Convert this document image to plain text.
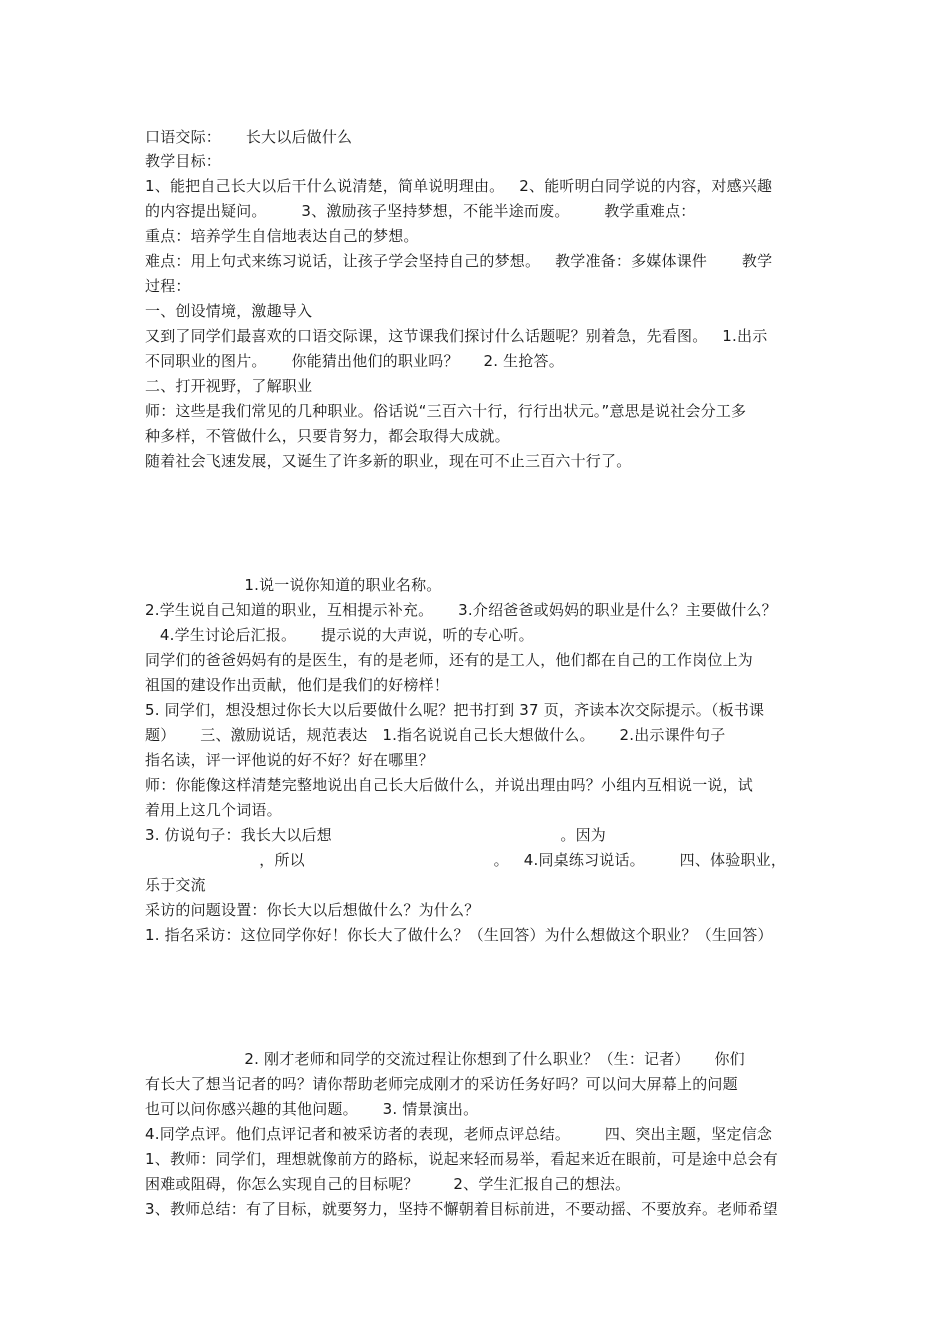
口语交际：     长大以后做什么
教学目标：
1、能把自己长大以后干什么说清楚，简单说明理由。   2、能听明白同学说的内容，对感兴趣
的内容提出疑问。       3、激励孩子坚持梦想，不能半途而废。       教学重难点：
重点：培养学生自信地表达自己的梦想。
难点：用上句式来练习说话，让孩子学会坚持自己的梦想。   教学准备：多媒体课件       教学
过程：
一、创设情境，激趣导入
又到了同学们最喜欢的口语交际课，这节课我们探讨什么话题呢？别着急，先看图。   1.出示
不同职业的图片。     你能猜出他们的职业吗？     2. 生抢答。
二、打开视野，了解职业
师：这些是我们常见的几种职业。俗话说“三百六十行，行行出状元。”意思是说社会分工多
种多样，不管做什么，只要肯努力，都会取得大成就。
随着社会飞速发展，又诞生了许多新的职业，现在可不止三百六十行了。
1.说一说你知道的职业名称。
2.学生说自己知道的职业，互相提示补充。     3.介绍爸爸或妈妈的职业是什么？主要做什么？
4.学生讨论后汇报。     提示说的大声说，听的专心听。
同学们的爸爸妈妈有的是医生，有的是老师，还有的是工人，他们都在自己的工作岗位上为
祖国的建设作出贡献，他们是我们的好榜样！
5. 同学们，想没想过你长大以后要做什么呢？把书打到 37 页，齐读本次交际提示。（板书课
题）     三、激励说话，规范表达   1.指名说说自己长大想做什么。     2.出示课件句子
指名读，评一评他说的好不好？好在哪里？
师：你能像这样清楚完整地说出自己长大后做什么，并说出理由吗？小组内互相说一说，试
着用上这几个词语。
3. 仿说句子：我长大以后想                                              。因为
，所以                                      。   4.同桌练习说话。       四、体验职业，
乐于交流
采访的问题设置：你长大以后想做什么？为什么？
1. 指名采访：这位同学你好！你长大了做什么？（生回答）为什么想做这个职业？（生回答）
2. 刚才老师和同学的交流过程让你想到了什么职业？（生：记者）     你们
有长大了想当记者的吗？请你帮助老师完成刚才的采访任务好吗？可以问大屏幕上的问题
也可以问你感兴趣的其他问题。     3. 情景演出。
4.同学点评。他们点评记者和被采访者的表现，老师点评总结。       四、突出主题，坚定信念
1、教师：同学们，理想就像前方的路标，说起来轻而易举，看起来近在眼前，可是途中总会有
困难或阻碍，你怎么实现自己的目标呢？       2、学生汇报自己的想法。
3、教师总结：有了目标，就要努力，坚持不懈朝着目标前进，不要动摇、不要放弃。老师希望
